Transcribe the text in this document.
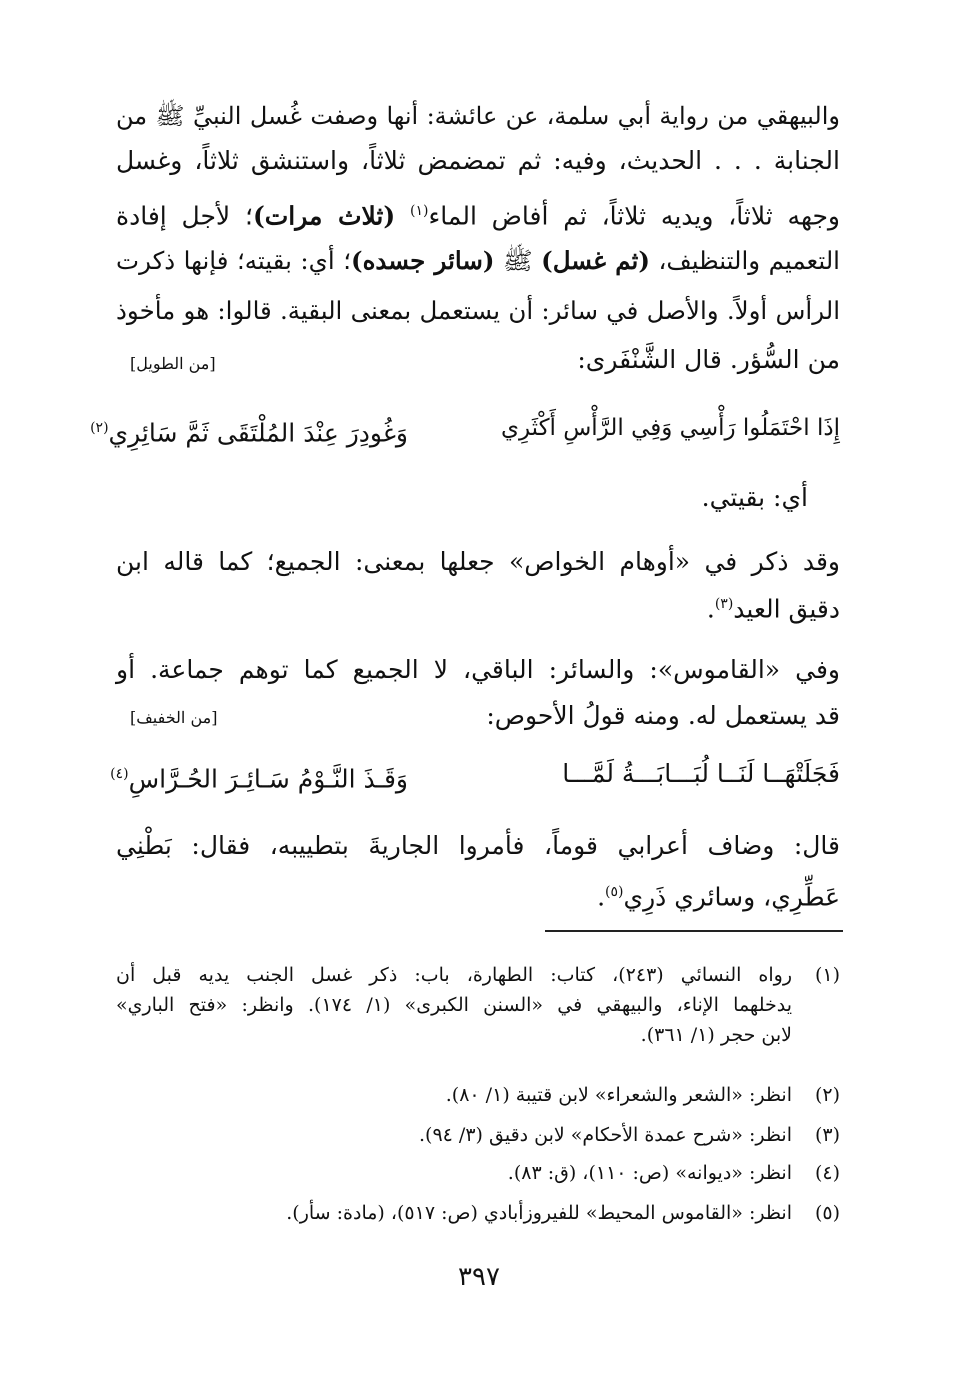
والبيهقي من رواية أبي سلمة، عن عائشة: أنها وصفت غُسل النبيِّ ﷺ من
الجنابة . . . الحديث، وفيه: ثم تمضمض ثلاثاً، واستنشق ثلاثاً، وغسل
وجهه ثلاثاً، ويديه ثلاثاً، ثم أفاض الماء$^{(١)}$ (ثلاث مرات)؛ لأجل إفادة
التعميم والتنظيف، (ثم غسل) ﷺ (سائر جسده)؛ أي: بقيته؛ فإنها ذكرت
الرأس أولاً. والأصل في سائر: أن يستعمل بمعنى البقية. قالوا: هو مأخوذ
من السُّؤر. قال الشَّنْفَرى:
[من الطويل]
إِذَا احْتَمَلُوا رَأْسِي وَفِي الرَّأْسِ أَكْثَرِي
وَغُودِرَ عِنْدَ المُلْتَقَى ثَمَّ سَائِرِي$^{(٢)}$
أي: بقيتي.
وقد ذكر في «أوهام الخواص» جعلها بمعنى: الجميع؛ كما قاله ابن
دقيق العيد$^{(٣)}$.
وفي «القاموس»: والسائر: الباقي، لا الجميع كما توهم جماعة. أو
قد يستعمل له. ومنه قولُ الأحوص:
[من الخفيف]
فَجَلَتْهَــا لَنَــا لُبَـــابَـــةُ لَمَّـــا
وَقَـذَ النَّـوْمُ سَـائِـرَ الحُـرَّاسِ$^{(٤)}$
قال: وضاف أعرابي قوماً، فأمروا الجاريةَ بتطييبه، فقال: بَطْنِي
عَطِّرِي، وسائري ذَرِي$^{(٥)}$.
(١)
رواه النسائي (٢٤٣)، كتاب: الطهارة، باب: ذكر غسل الجنب يديه قبل أن
يدخلهما الإناء، والبيهقي في «السنن الكبرى» (١/ ١٧٤). وانظر: «فتح الباري»
لابن حجر (١/ ٣٦١).
(٢)
انظر: «الشعر والشعراء» لابن قتيبة (١/ ٨٠).
(٣)
انظر: «شرح عمدة الأحكام» لابن دقيق (٣/ ٩٤).
(٤)
انظر: «ديوانه» (ص: ١١٠)، (ق: ٨٣).
(٥)
انظر: «القاموس المحيط» للفيروزأبادي (ص: ٥١٧)، (مادة: سأر).
٣٩٧
